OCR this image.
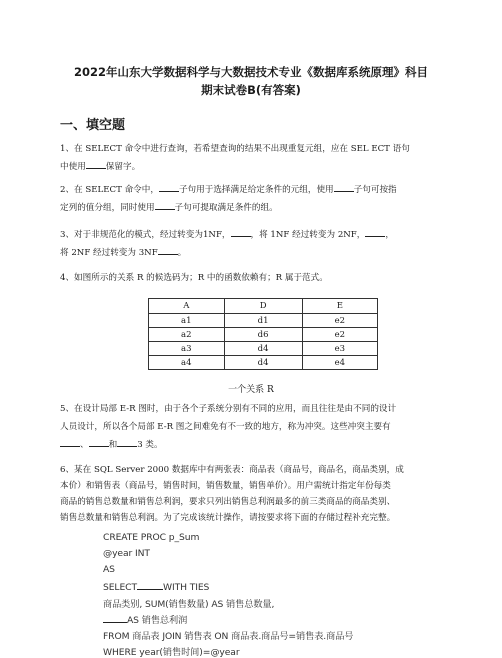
2022年山东大学数据科学与大数据技术专业《数据库系统原理》科目
期末试卷B(有答案)
一、填空题
1、在 SELECT 命令中进行查询，若希望查询的结果不出现重复元组，应在 SEL ECT 语句
中使用 保留字。
2、在 SELECT 命令中， 子句用于选择满足给定条件的元组，使用 子句可按指
定列的值分组，同时使用 子句可提取满足条件的组。
3、对于非规范化的模式，经过转变为1NF， ，将 1NF 经过转变为 2NF， ，
将 2NF 经过转变为 3NF 。
4、如图所示的关系 R 的候选码为；R 中的函数依赖有；R 属于范式。
A	D	E
a1	d1	e2
a2	d6	e2
a3	d4	e3
a4	d4	e4
一个关系 R
5、在设计局部 E-R 图时，由于各个子系统分别有不同的应用，而且往往是由不同的设计
人员设计，所以各个局部 E-R 图之间难免有不一致的地方，称为冲突。这些冲突主要有
、 和 3 类。
6、某在 SQL Server 2000 数据库中有两张表：商品表（商品号，商品名，商品类别，成
本价）和销售表（商品号，销售时间，销售数量，销售单价）。用户需统计指定年份每类
商品的销售总数量和销售总利润，要求只列出销售总利润最多的前三类商品的商品类别、
销售总数量和销售总利润。为了完成该统计操作，请按要求将下面的存储过程补充完整。
CREATE PROC p_Sum
@year INT
AS
SELECT	WITH TIES
商品类别, SUM(销售数量) AS 销售总数量,
AS 销售总利润
FROM 商品表 JOIN 销售表 ON 商品表.商品号=销售表.商品号
WHERE year(销售时间)=@year
